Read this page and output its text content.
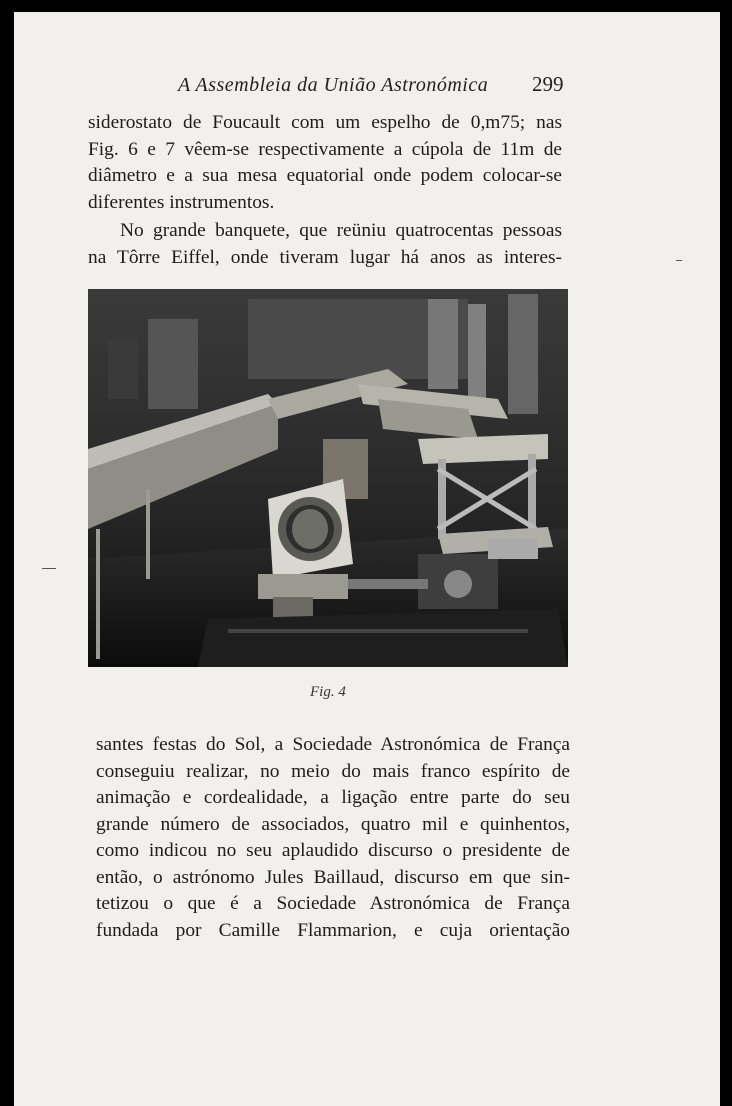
A Assembleia da União Astronómica 299

siderostato de Foucault com um espelho de 0,m75; nas
Fig. 6 e 7 vêem-se respectivamente a cúpola de 11m de
diâmetro e a sua mesa equatorial onde podem colocar-se
diferentes instrumentos.

No grande banquete, que reüniu quatrocentas pessoas
na Tôrre Eiffel, onde tiveram lugar há anos as interes-

Fig. 4

santes festas do Sol, a Sociedade Astronómica de França
conseguiu realizar, no meio do mais franco espírito de
animação e cordealidade, a ligação entre parte do seu
grande número de associados, quatro mil e quinhentos,
como indicou no seu aplaudido discurso o presidente de
então, o astrónomo Jules Baillaud, discurso em que sin-
tetizou o que é a Sociedade Astronómica de França
fundada por Camille Flammarion, e cuja orientação
